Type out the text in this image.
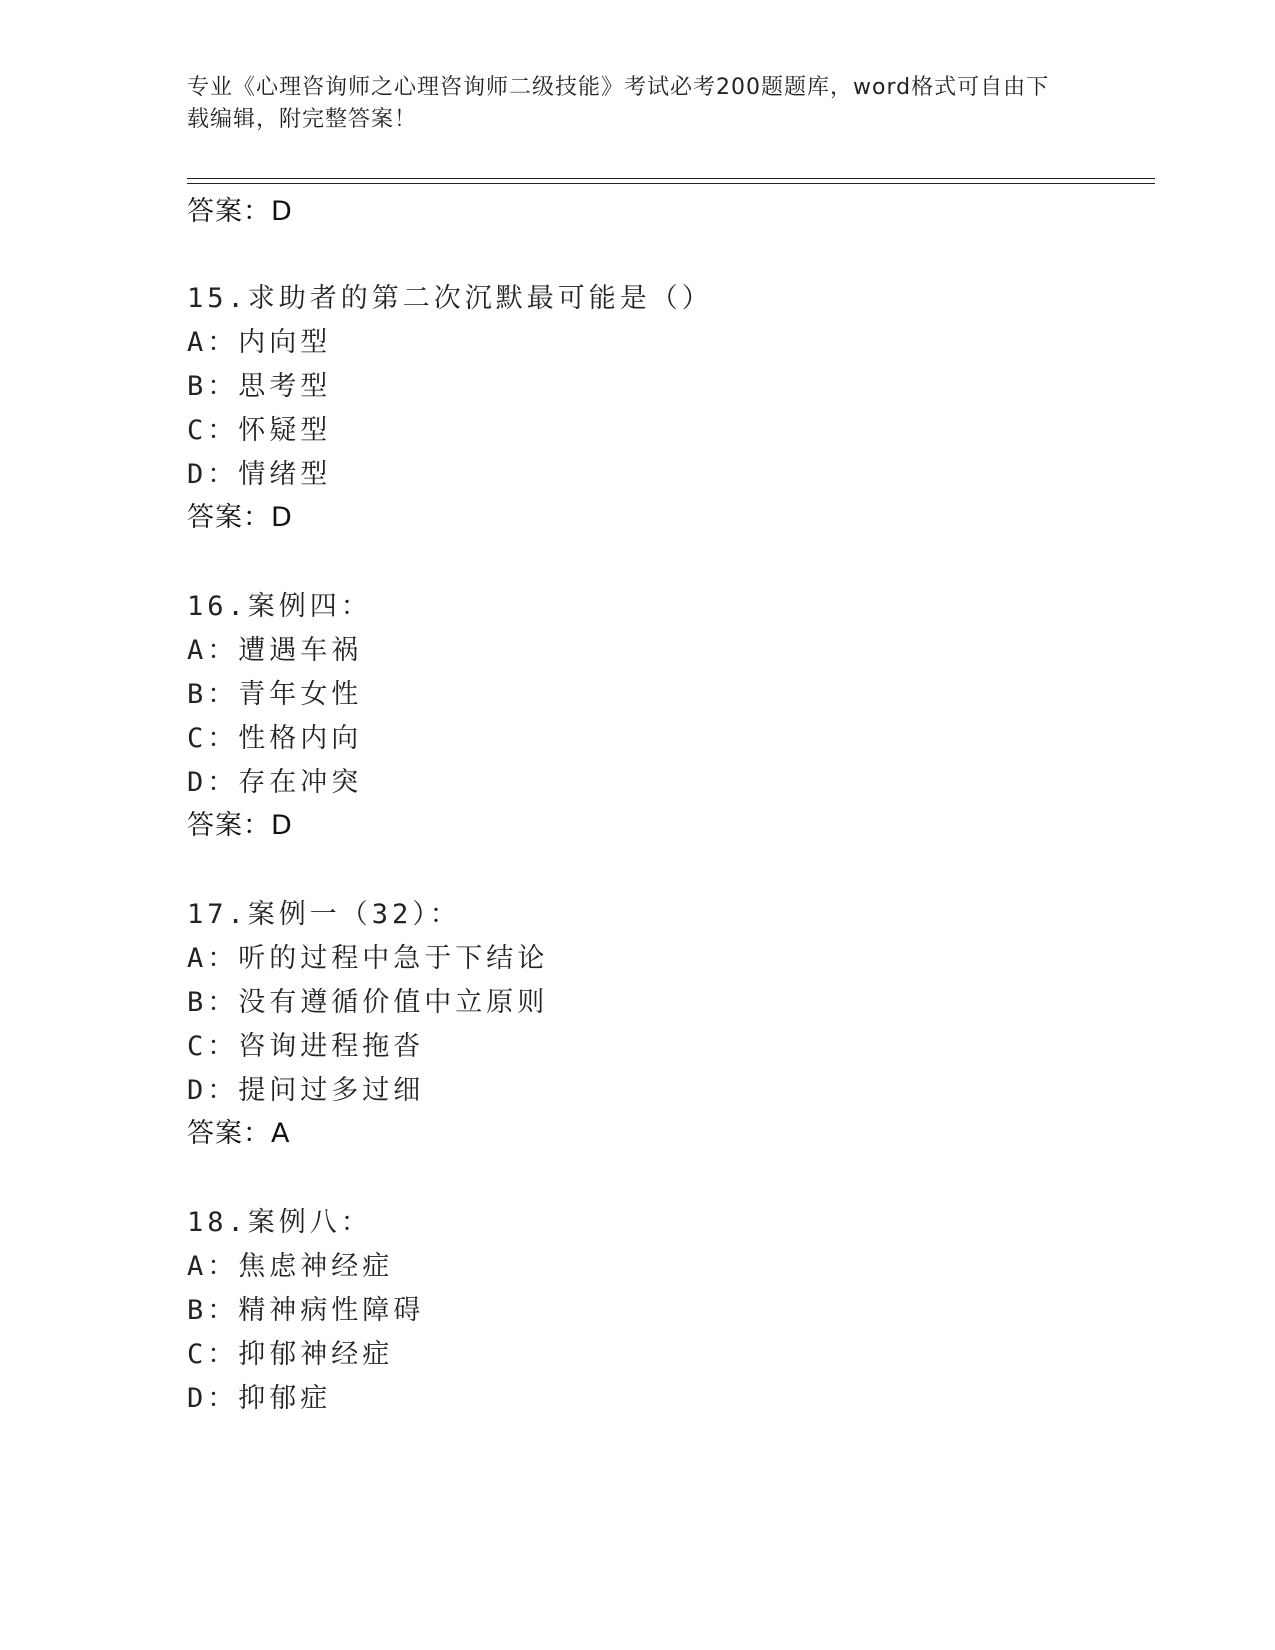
专业《心理咨询师之心理咨询师二级技能》考试必考200题题库，word格式可自由下载编辑，附完整答案！
答案：D
15.求助者的第二次沉默最可能是（）
A：内向型
B：思考型
C：怀疑型
D：情绪型
答案：D
16.案例四：
A：遭遇车祸
B：青年女性
C：性格内向
D：存在冲突
答案：D
17.案例一（32）：
A：听的过程中急于下结论
B：没有遵循价值中立原则
C：咨询进程拖沓
D：提问过多过细
答案：A
18.案例八：
A：焦虑神经症
B：精神病性障碍
C：抑郁神经症
D：抑郁症
